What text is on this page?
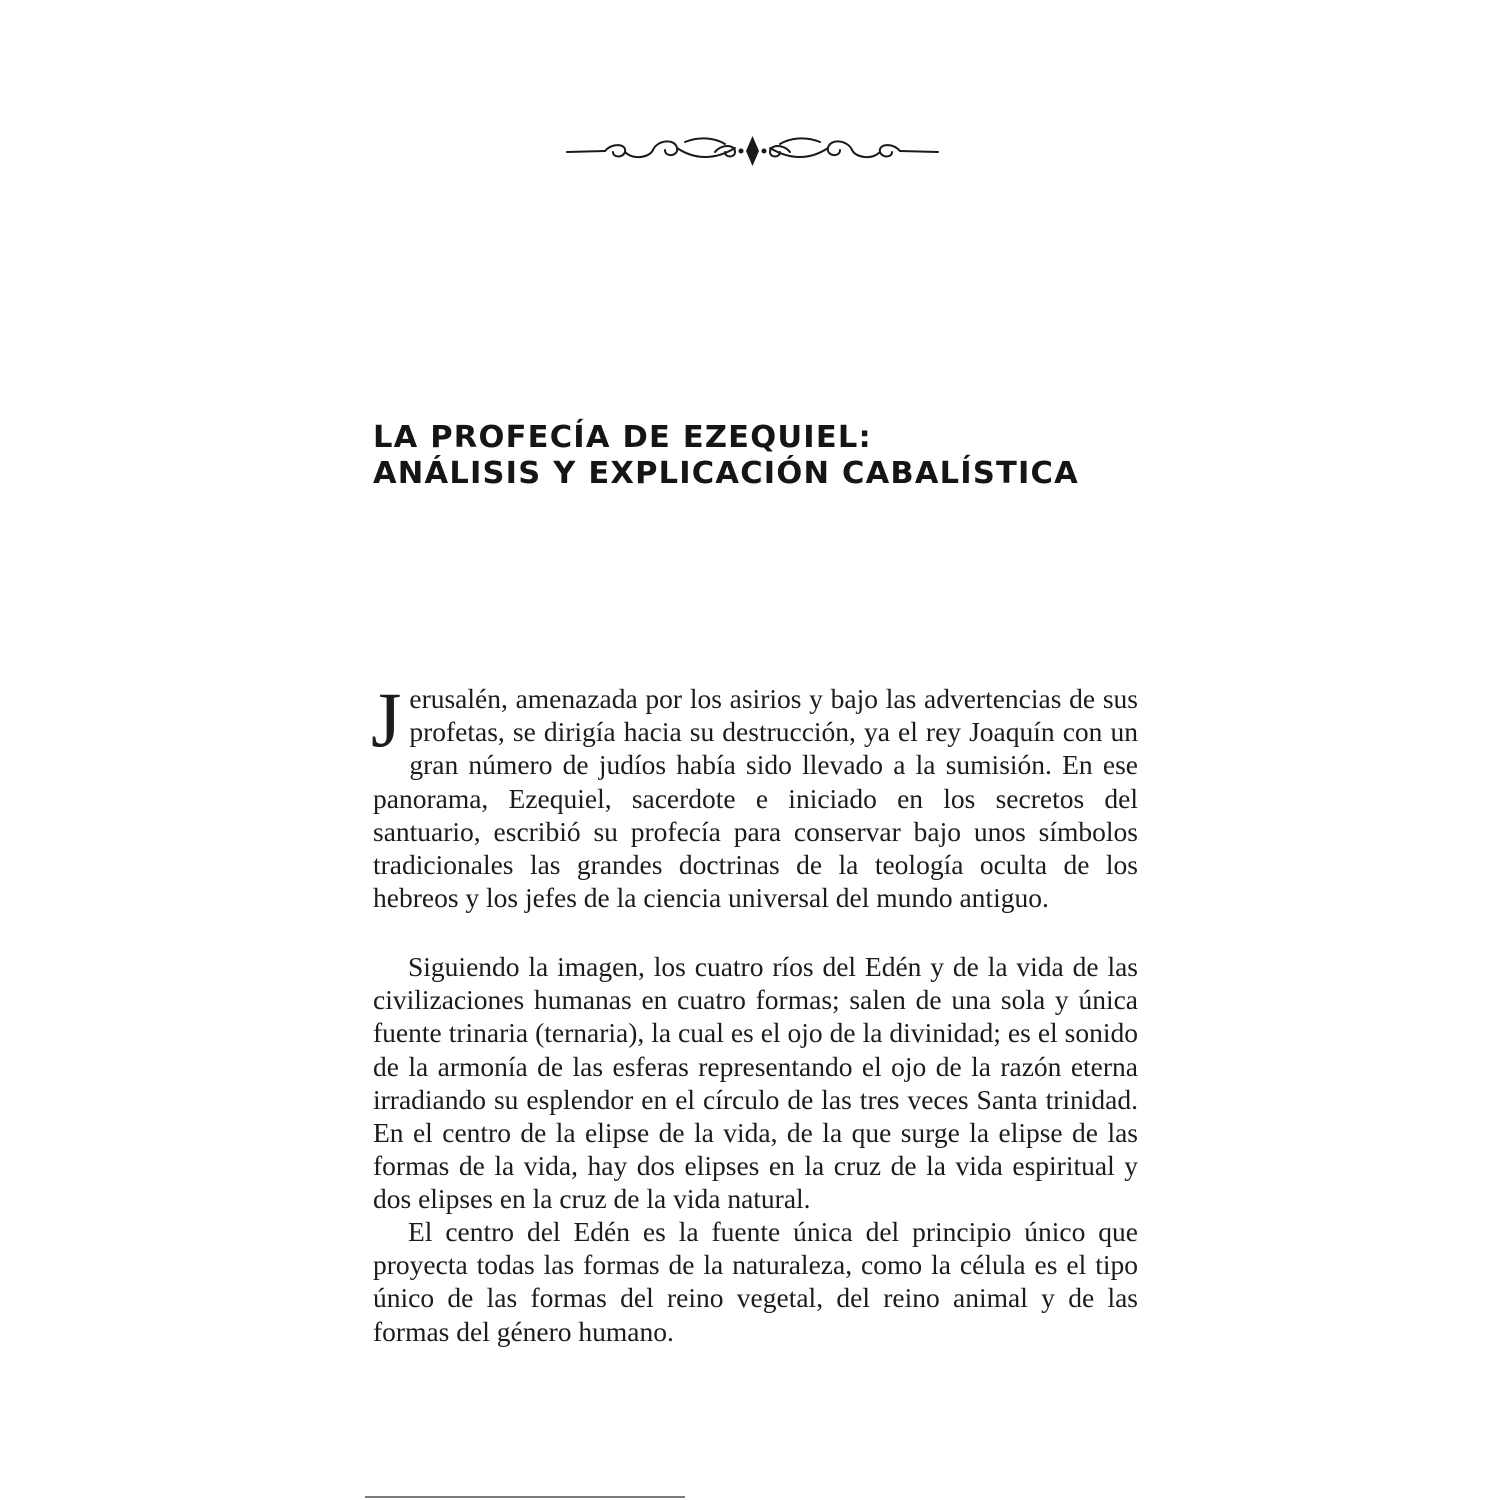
LA PROFECÍA DE EZEQUIEL:
ANÁLISIS Y EXPLICACIÓN CABALÍSTICA

Jerusalén, amenazada por los asirios y bajo las advertencias de sus profetas, se dirigía hacia su destrucción, ya el rey Joaquín con un gran número de judíos había sido llevado a la sumisión. En ese panorama, Ezequiel, sacerdote e iniciado en los secretos del santuario, escribió su profecía para conservar bajo unos símbolos tradicionales las grandes doctrinas de la teología oculta de los hebreos y los jefes de la ciencia universal del mundo antiguo.

Siguiendo la imagen, los cuatro ríos del Edén y de la vida de las civilizaciones humanas en cuatro formas; salen de una sola y única fuente trinaria (ternaria), la cual es el ojo de la divinidad; es el sonido de la armonía de las esferas representando el ojo de la razón eterna irradiando su esplendor en el círculo de las tres veces Santa trinidad. En el centro de la elipse de la vida, de la que surge la elipse de las formas de la vida, hay dos elipses en la cruz de la vida espiritual y dos elipses en la cruz de la vida natural.

El centro del Edén es la fuente única del principio único que proyecta todas las formas de la naturaleza, como la célula es el tipo único de las formas del reino vegetal, del reino animal y de las formas del género humano.
